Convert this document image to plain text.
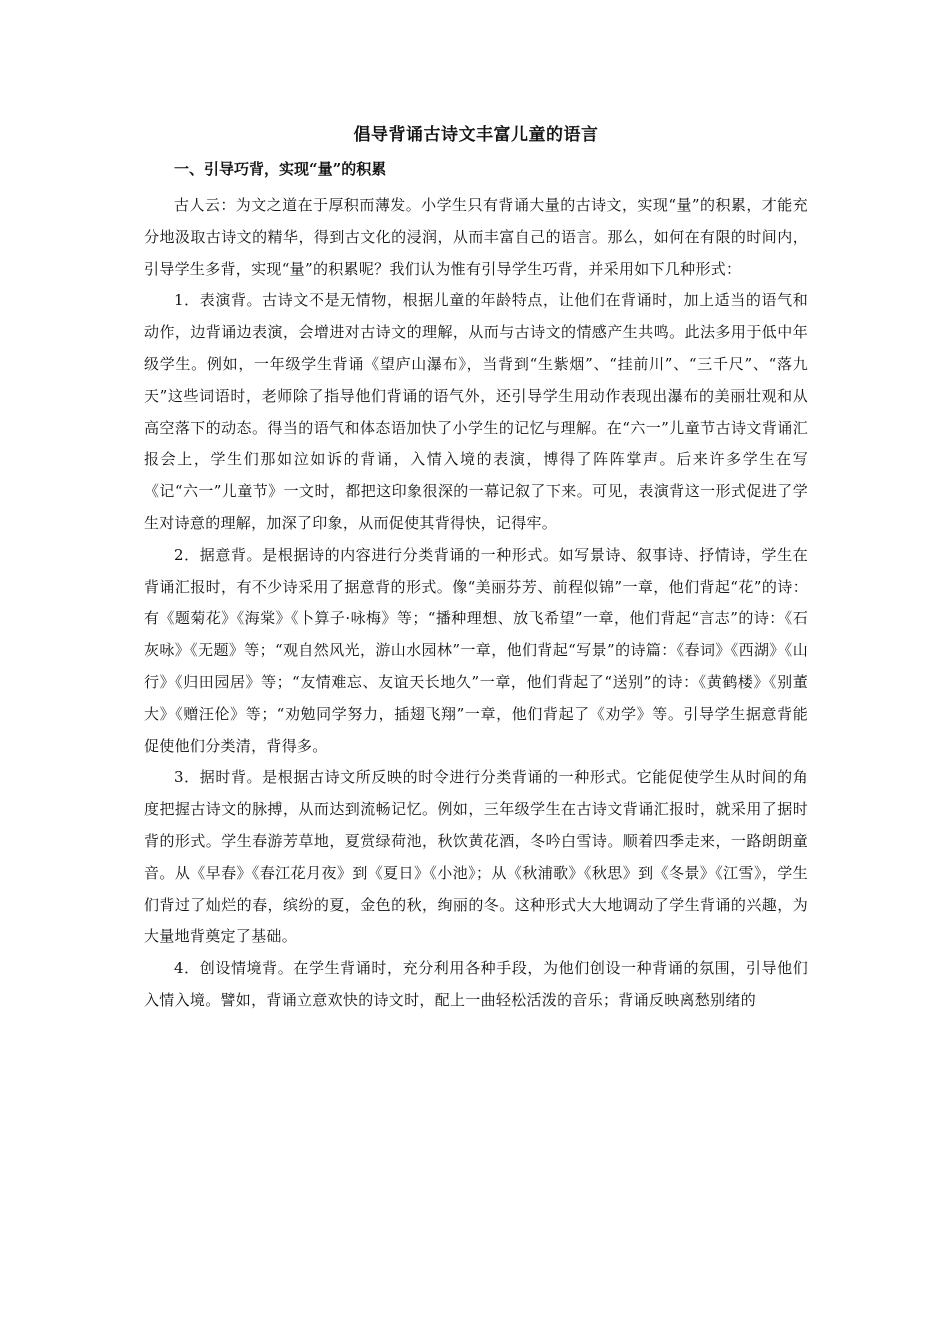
倡导背诵古诗文丰富儿童的语言
一、引导巧背，实现“量”的积累

古人云：为文之道在于厚积而薄发。小学生只有背诵大量的古诗文，实现“量”的积累，才能充分地汲取古诗文的精华，得到古文化的浸润，从而丰富自己的语言。那么，如何在有限的时间内，引导学生多背，实现“量”的积累呢？我们认为惟有引导学生巧背，并采用如下几种形式：

1．表演背。古诗文不是无情物，根据儿童的年龄特点，让他们在背诵时，加上适当的语气和动作，边背诵边表演，会增进对古诗文的理解，从而与古诗文的情感产生共鸣。此法多用于低中年级学生。例如，一年级学生背诵《望庐山瀑布》，当背到“生紫烟”、“挂前川”、“三千尺”、“落九天”这些词语时，老师除了指导他们背诵的语气外，还引导学生用动作表现出瀑布的美丽壮观和从高空落下的动态。得当的语气和体态语加快了小学生的记忆与理解。在“六一”儿童节古诗文背诵汇报会上，学生们那如泣如诉的背诵，入情入境的表演，博得了阵阵掌声。后来许多学生在写《记“六一”儿童节》一文时，都把这印象很深的一幕记叙了下来。可见，表演背这一形式促进了学生对诗意的理解，加深了印象，从而促使其背得快，记得牢。

2．据意背。是根据诗的内容进行分类背诵的一种形式。如写景诗、叙事诗、抒情诗，学生在背诵汇报时，有不少诗采用了据意背的形式。像“美丽芬芳、前程似锦”一章，他们背起“花”的诗：有《题菊花》《海棠》《卜算子·咏梅》等；“播种理想、放飞希望”一章，他们背起“言志”的诗：《石灰咏》《无题》等；“观自然风光，游山水园林”一章，他们背起“写景”的诗篇：《春词》《西湖》《山行》《归田园居》等；“友情难忘、友谊天长地久”一章，他们背起了“送别”的诗：《黄鹤楼》《别董大》《赠汪伦》等；“劝勉同学努力，插翅飞翔”一章，他们背起了《劝学》等。引导学生据意背能促使他们分类清，背得多。

3．据时背。是根据古诗文所反映的时令进行分类背诵的一种形式。它能促使学生从时间的角度把握古诗文的脉搏，从而达到流畅记忆。例如，三年级学生在古诗文背诵汇报时，就采用了据时背的形式。学生春游芳草地，夏赏绿荷池，秋饮黄花酒，冬吟白雪诗。顺着四季走来，一路朗朗童音。从《早春》《春江花月夜》到《夏日》《小池》；从《秋浦歌》《秋思》到《冬景》《江雪》，学生们背过了灿烂的春，缤纷的夏，金色的秋，绚丽的冬。这种形式大大地调动了学生背诵的兴趣，为大量地背奠定了基础。

4．创设情境背。在学生背诵时，充分利用各种手段，为他们创设一种背诵的氛围，引导他们入情入境。譬如，背诵立意欢快的诗文时，配上一曲轻松活泼的音乐；背诵反映离愁别绪的
